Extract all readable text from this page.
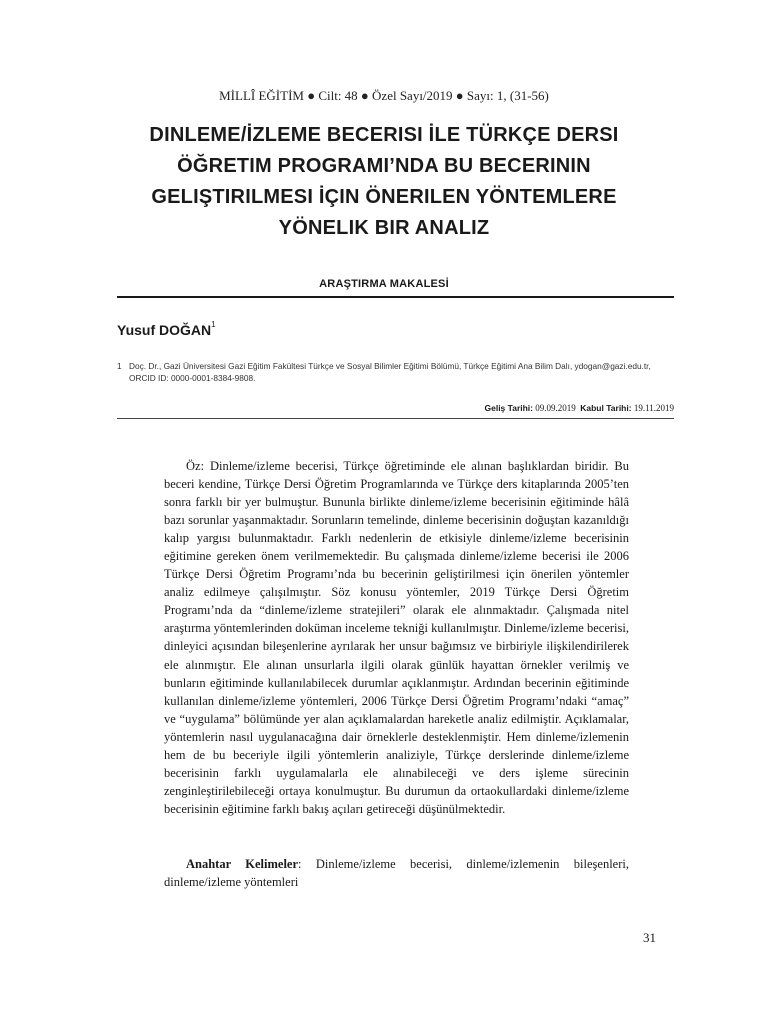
MİLLÎ EĞİTİM ● Cilt: 48 ● Özel Sayı/2019 ● Sayı: 1, (31-56)
DINLEME/İZLEME BECERISI İLE TÜRKÇE DERSI
ÖĞRETIM PROGRAMI’NDA BU BECERININ
GELIŞTIRILMESI İÇIN ÖNERILEN YÖNTEMLERE
YÖNELIK BIR ANALIZ
ARAŞTIRMA MAKALESİ
Yusuf DOĞAN$^1$
1 Doç. Dr., Gazi Üniversitesi Gazi Eğitim Fakültesi Türkçe ve Sosyal Bilimler Eğitimi Bölümü, Türkçe Eğitimi Ana Bilim Dalı, ydogan@gazi.edu.tr, ORCID ID: 0000-0001-8384-9808.
Geliş Tarihi: 09.09.2019 Kabul Tarihi: 19.11.2019

Öz: Dinleme/izleme becerisi, Türkçe öğretiminde ele alınan başlıklardan biridir. Bu beceri kendine, Türkçe Dersi Öğretim Programlarında ve Türkçe ders kitaplarında 2005’ten sonra farklı bir yer bulmuştur. Bununla birlikte dinleme/izleme becerisinin eğitiminde hâlâ bazı sorunlar yaşanmaktadır. Sorunların temelinde, dinleme becerisinin doğuştan kazanıldığı kalıp yargısı bulunmaktadır. Farklı nedenlerin de etkisiyle dinleme/izleme becerisinin eğitimine gereken önem verilmemektedir. Bu çalışmada dinleme/izleme becerisi ile 2006 Türkçe Dersi Öğretim Programı’nda bu becerinin geliştirilmesi için önerilen yöntemler analiz edilmeye çalışılmıştır. Söz konusu yöntemler, 2019 Türkçe Dersi Öğretim Programı’nda da “dinleme/izleme stratejileri” olarak ele alınmaktadır. Çalışmada nitel araştırma yöntemlerinden doküman inceleme tekniği kullanılmıştır. Dinleme/izleme becerisi, dinleyici açısından bileşenlerine ayrılarak her unsur bağımsız ve birbiriyle ilişkilendirilerek ele alınmıştır. Ele alınan unsurlarla ilgili olarak günlük hayattan örnekler verilmiş ve bunların eğitiminde kullanılabilecek durumlar açıklanmıştır. Ardından becerinin eğitiminde kullanılan dinleme/izleme yöntemleri, 2006 Türkçe Dersi Öğretim Programı’ndaki “amaç” ve “uygulama” bölümünde yer alan açıklamalardan hareketle analiz edilmiştir. Açıklamalar, yöntemlerin nasıl uygulanacağına dair örneklerle desteklenmiştir. Hem dinleme/izlemenin hem de bu beceriyle ilgili yöntemlerin analiziyle, Türkçe derslerinde dinleme/izleme becerisinin farklı uygulamalarla ele alınabileceği ve ders işleme sürecinin zenginleştirilebileceği ortaya konulmuştur. Bu durumun da ortaokullardaki dinleme/izleme becerisinin eğitimine farklı bakış açıları getireceği düşünülmektedir.

Anahtar Kelimeler: Dinleme/izleme becerisi, dinleme/izlemenin bileşenleri, dinleme/izleme yöntemleri

31
